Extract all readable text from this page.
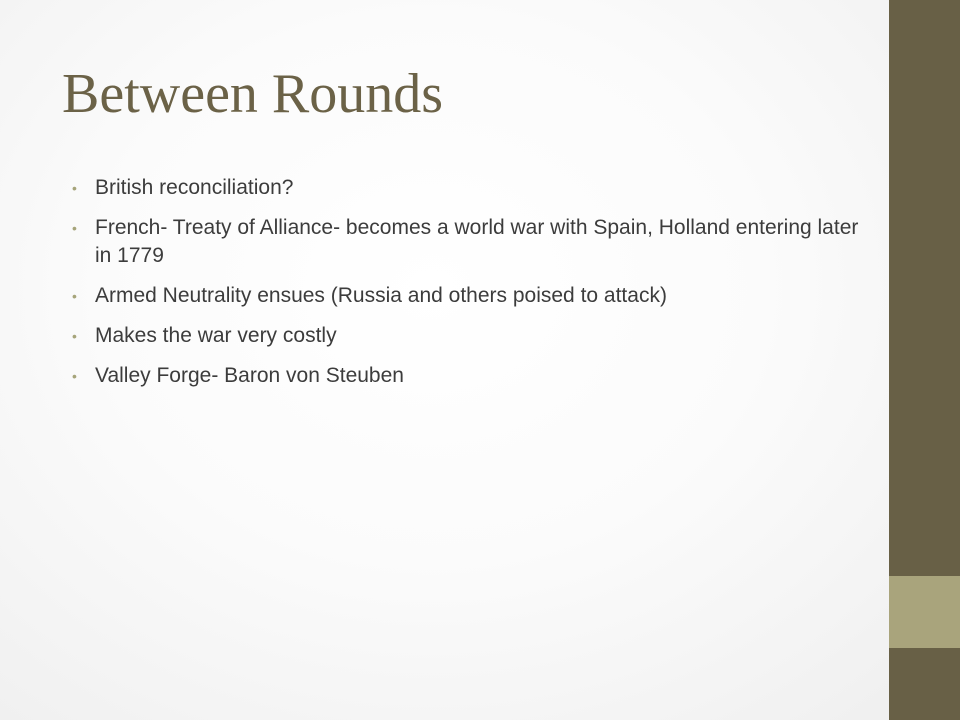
Between Rounds
• British reconciliation?
• French- Treaty of Alliance- becomes a world war with Spain, Holland entering later in 1779
• Armed Neutrality ensues (Russia and others poised to attack)
• Makes the war very costly
• Valley Forge- Baron von Steuben
